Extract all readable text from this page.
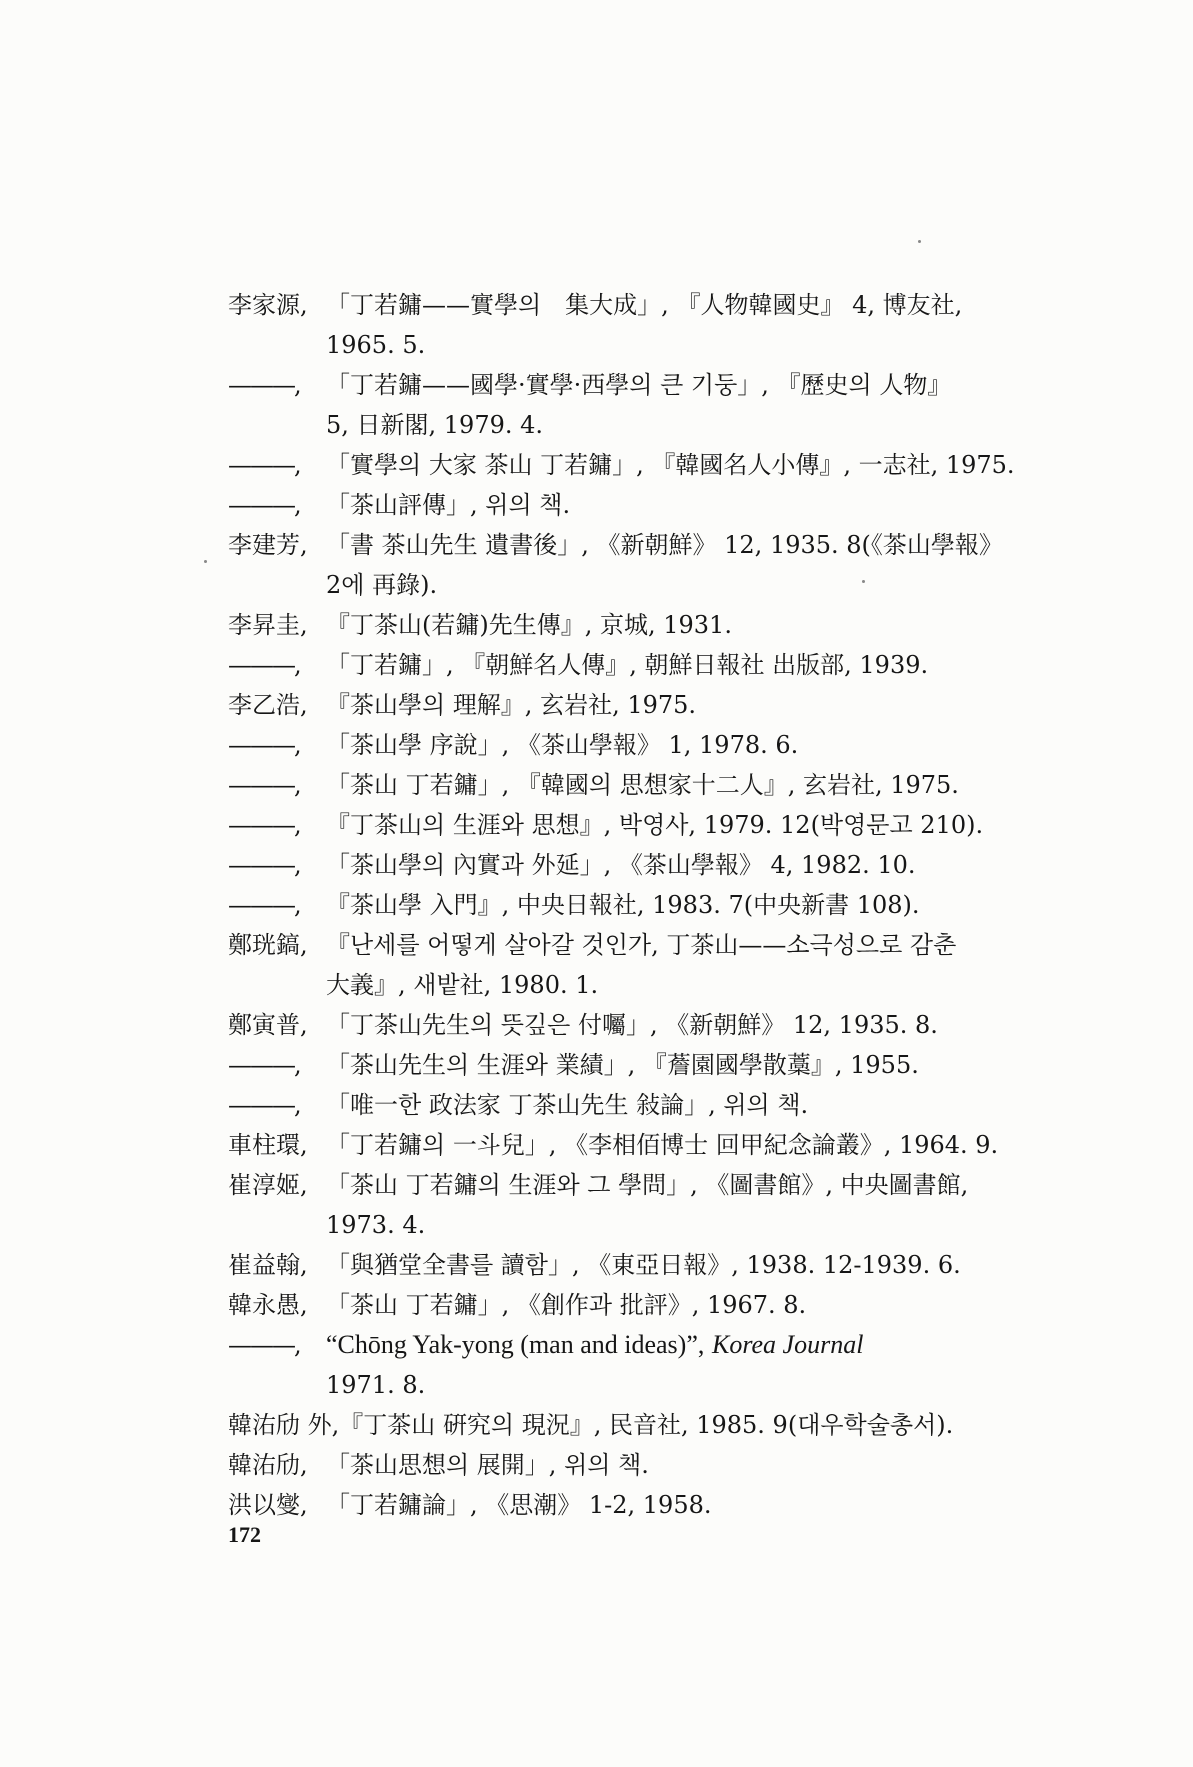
李家源, 「丁若鏞——實學의　集大成」, 『人物韓國史』 4, 博友社,
1965. 5.
———, 「丁若鏞——國學·實學·西學의 큰 기둥」, 『歷史의 人物』
5, 日新閣, 1979. 4.
———, 「實學의 大家 茶山 丁若鏞」, 『韓國名人小傳』, 一志社, 1975.
———, 「茶山評傳」, 위의 책.
李建芳, 「書 茶山先生 遺書後」, 《新朝鮮》 12, 1935. 8(《茶山學報》
2에 再錄).
李昇圭, 『丁茶山(若鏞)先生傳』, 京城, 1931.
———, 「丁若鏞」, 『朝鮮名人傳』, 朝鮮日報社 出版部, 1939.
李乙浩, 『茶山學의 理解』, 玄岩社, 1975.
———, 「茶山學 序說」, 《茶山學報》 1, 1978. 6.
———, 「茶山 丁若鏞」, 『韓國의 思想家十二人』, 玄岩社, 1975.
———, 『丁茶山의 生涯와 思想』, 박영사, 1979. 12(박영문고 210).
———, 「茶山學의 內實과 外延」, 《茶山學報》 4, 1982. 10.
———, 『茶山學 入門』, 中央日報社, 1983. 7(中央新書 108).
鄭珖鎬, 『난세를 어떻게 살아갈 것인가, 丁茶山——소극성으로 감춘
大義』, 새밭社, 1980. 1.
鄭寅普, 「丁茶山先生의 뜻깊은 付囑」, 《新朝鮮》 12, 1935. 8.
———, 「茶山先生의 生涯와 業績」, 『薝園國學散藁』, 1955.
———, 「唯一한 政法家 丁茶山先生 敍論」, 위의 책.
車柱環, 「丁若鏞의 一斗兒」, 《李相佰博士 回甲紀念論叢》, 1964. 9.
崔淳姬, 「茶山 丁若鏞의 生涯와 그 學問」, 《圖書館》, 中央圖書館,
1973. 4.
崔益翰, 「與猶堂全書를 讀함」, 《東亞日報》, 1938. 12-1939. 6.
韓永愚, 「茶山 丁若鏞」, 《創作과 批評》, 1967. 8.
———, “Chōng Yak-yong (man and ideas)”, Korea Journal
1971. 8.
韓㳓劤 外,『丁茶山 硏究의 現況』, 民音社, 1985. 9(대우학술총서).
韓㳓劤, 「茶山思想의 展開」, 위의 책.
洪以燮, 「丁若鏞論」, 《思潮》 1-2, 1958.
172
